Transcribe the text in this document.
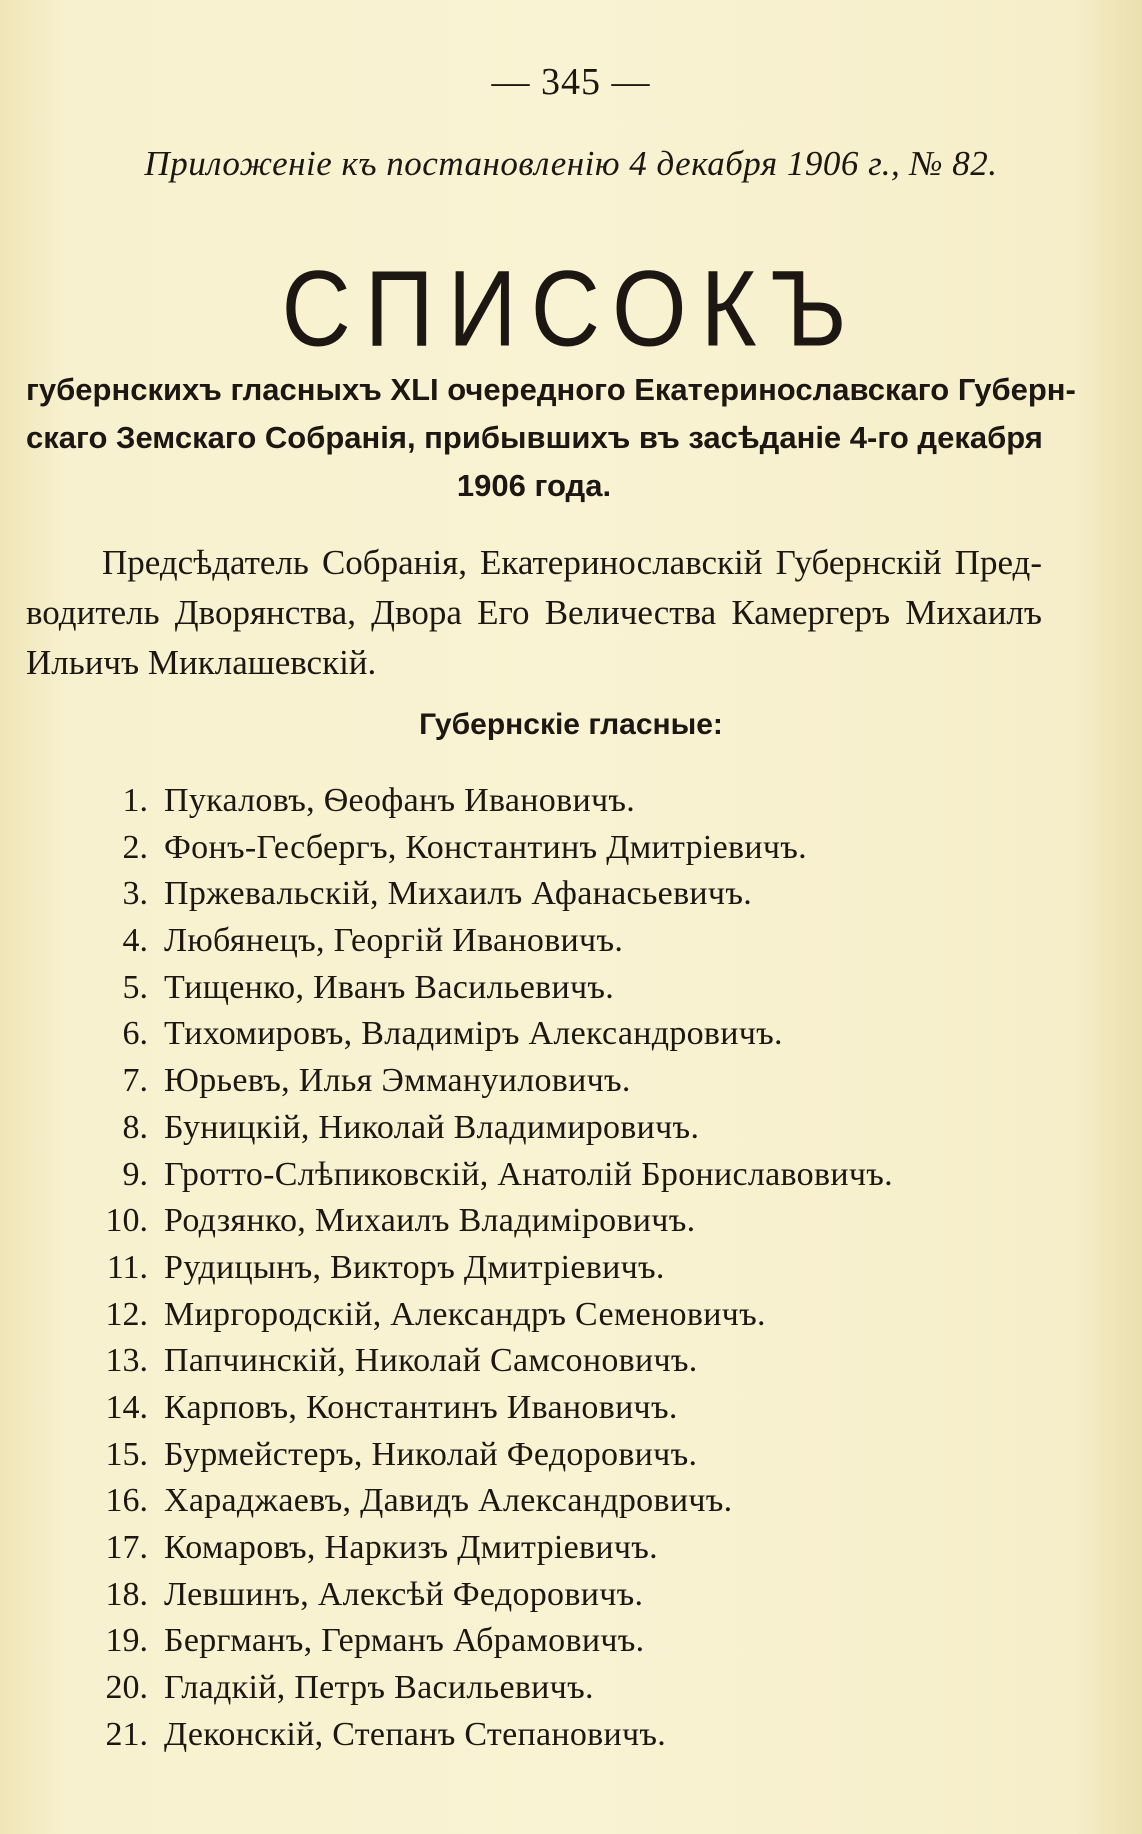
— 345 —
Приложеніе къ постановленію 4 декабря 1906 г., № 82.
СПИСОКЪ
губернскихъ гласныхъ XLI очередного Екатеринославскаго Губерн-
скаго Земскаго Собранія, прибывшихъ въ засѣданіе 4-го декабря
1906 года.
Предсѣдатель Собранія, Екатеринославскій Губернскій Пред-
водитель Дворянства, Двора Его Величества Камергеръ Михаилъ
Ильичъ Миклашевскій.
Губернскіе гласные:
1. Пукаловъ, Ѳеофанъ Ивановичъ.
2. Фонъ-Гесбергъ, Константинъ Дмитріевичъ.
3. Пржевальскій, Михаилъ Афанасьевичъ.
4. Любянецъ, Георгій Ивановичъ.
5. Тищенко, Иванъ Васильевичъ.
6. Тихомировъ, Владиміръ Александровичъ.
7. Юрьевъ, Илья Эммануиловичъ.
8. Буницкій, Николай Владимировичъ.
9. Гротто-Слѣпиковскій, Анатолій Брониславовичъ.
10. Родзянко, Михаилъ Владиміровичъ.
11. Рудицынъ, Викторъ Дмитріевичъ.
12. Миргородскій, Александръ Семеновичъ.
13. Папчинскій, Николай Самсоновичъ.
14. Карповъ, Константинъ Ивановичъ.
15. Бурмейстеръ, Николай Федоровичъ.
16. Хараджаевъ, Давидъ Александровичъ.
17. Комаровъ, Наркизъ Дмитріевичъ.
18. Левшинъ, Алексѣй Федоровичъ.
19. Бергманъ, Германъ Абрамовичъ.
20. Гладкій, Петръ Васильевичъ.
21. Деконскій, Степанъ Степановичъ.
